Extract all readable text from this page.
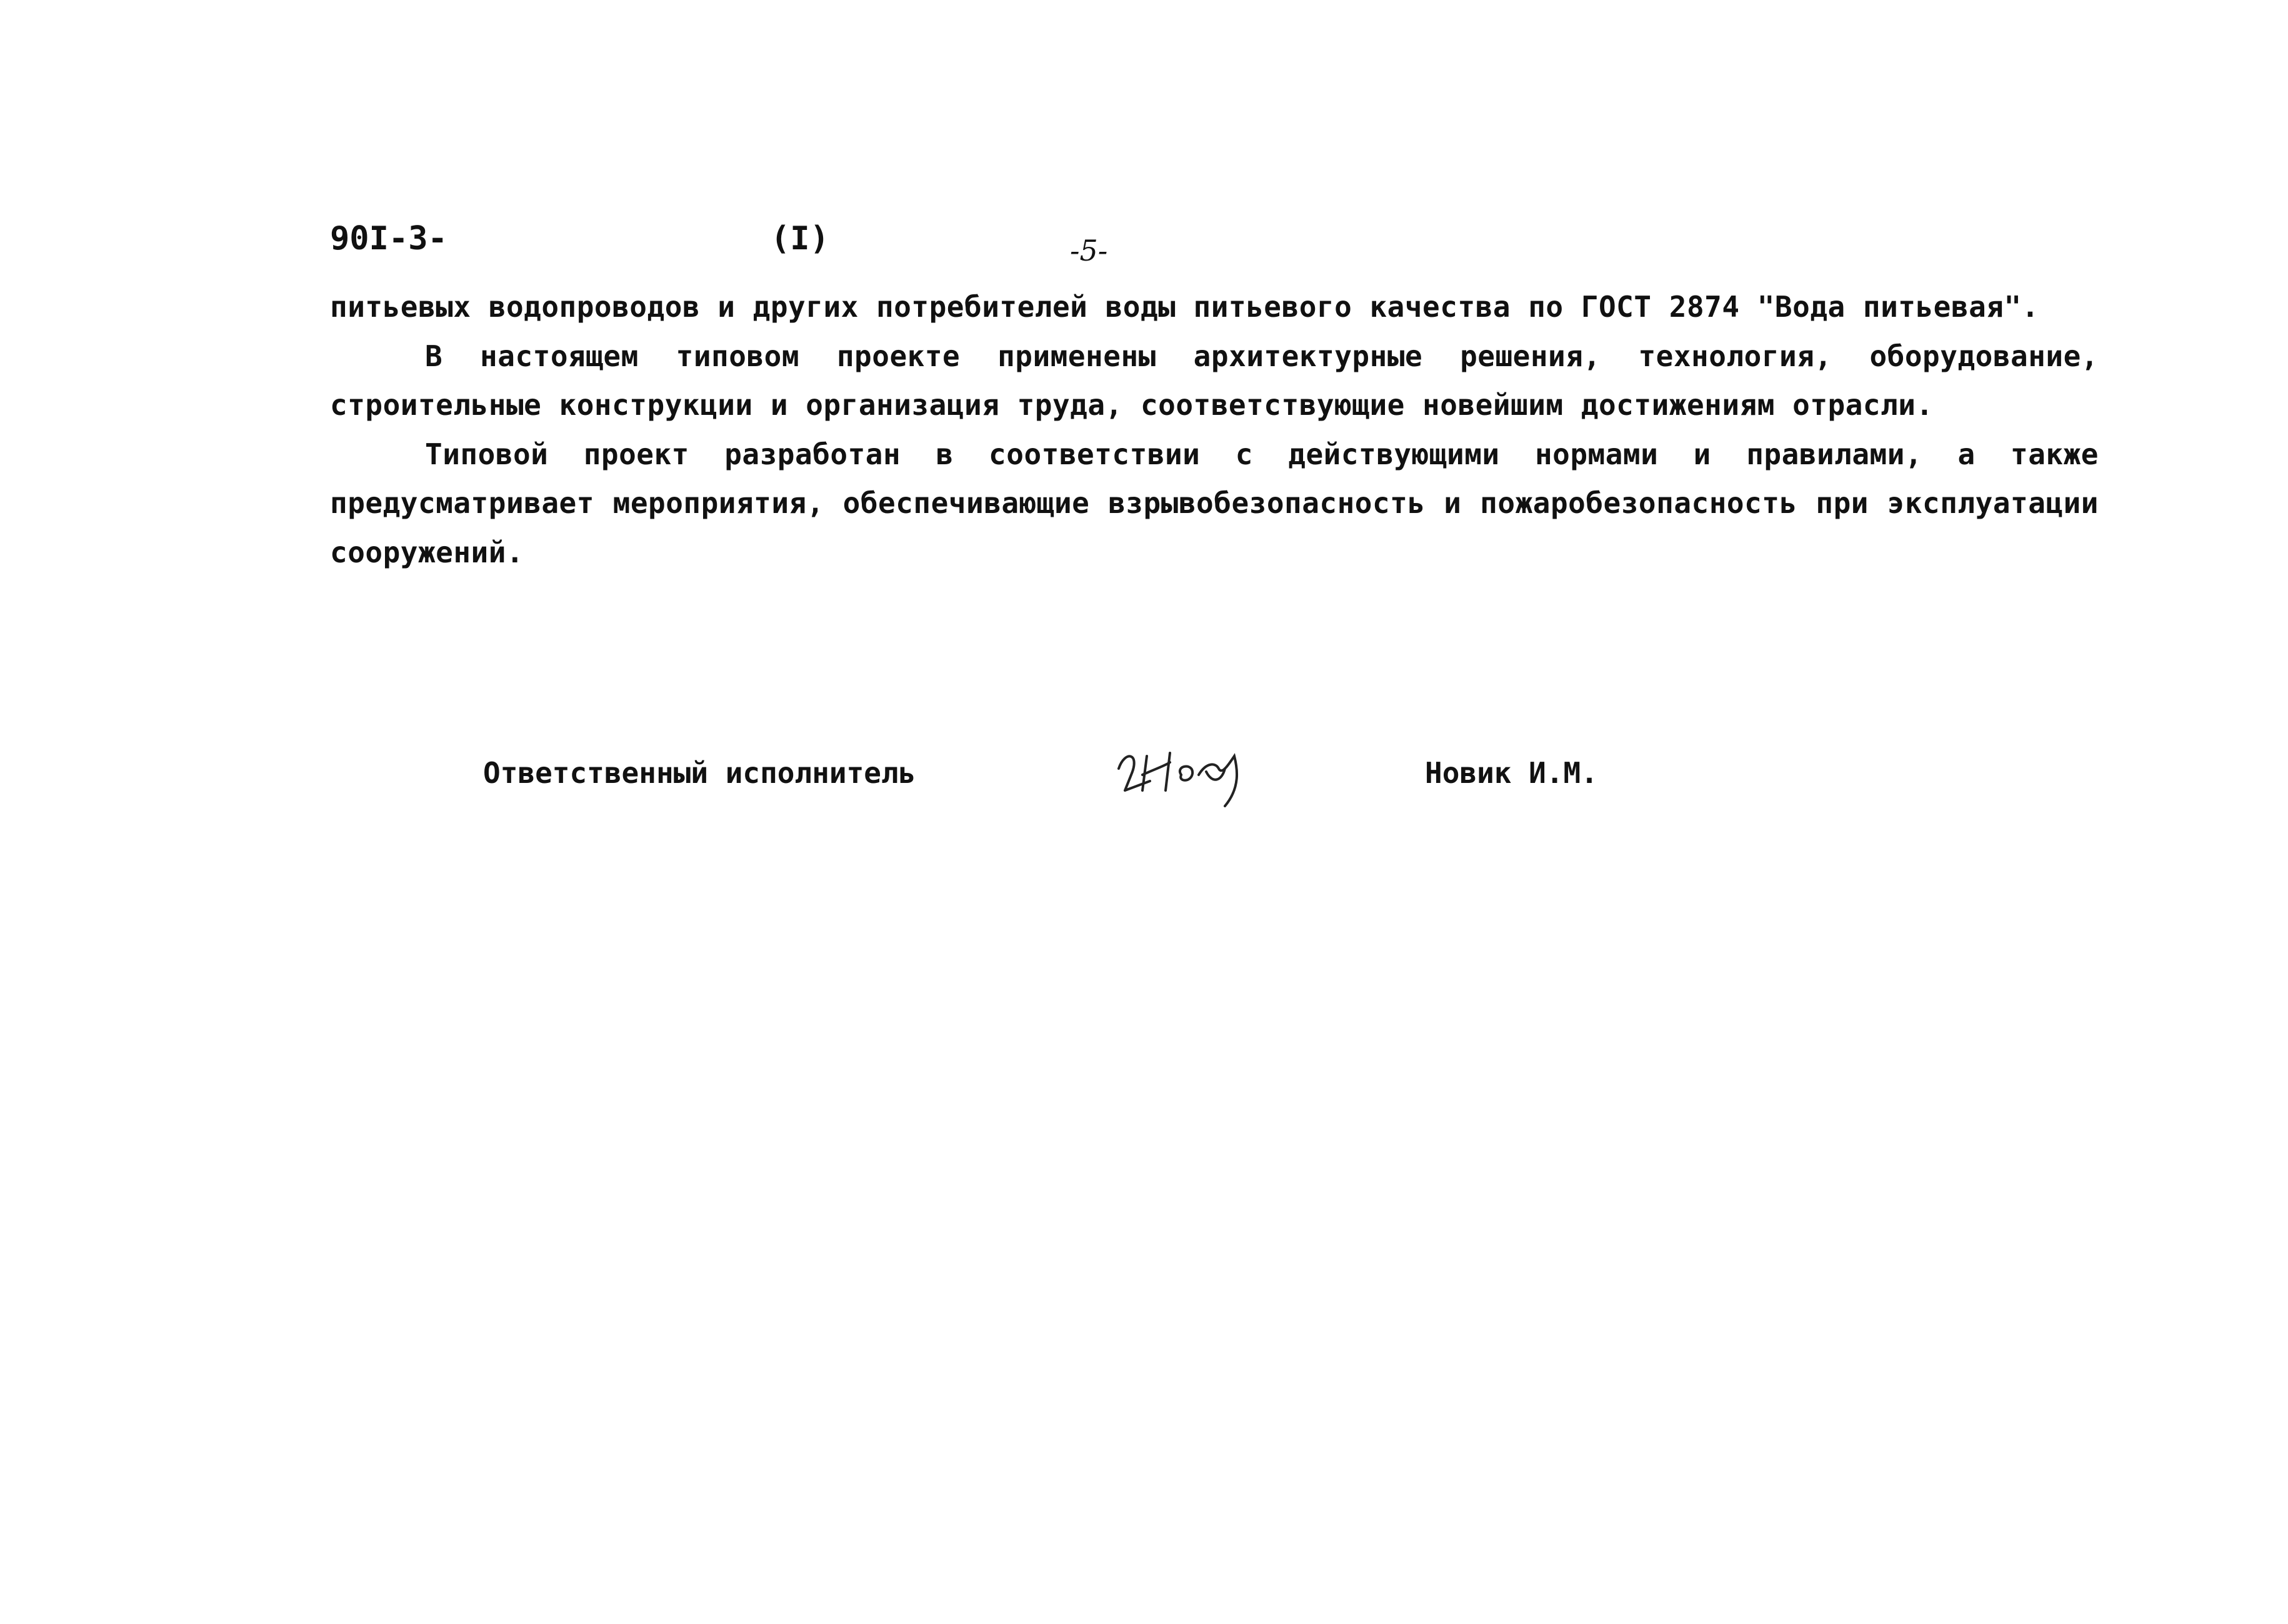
90I-3-	(I)	-5-

питьевых водопроводов и других потребителей воды питьевого качества по ГОСТ 2874 "Вода питьевая".

В настоящем типовом проекте применены архитектурные решения, технология, оборудование, строительные конструкции и организация труда, соответствующие новейшим достижениям отрасли.

Типовой проект разработан в соответствии с действующими нормами и правилами, а также предусматривает мероприятия, обеспечивающие взрывобезопасность и пожаробезопасность при эксплуатации сооружений.

Ответственный исполнитель	Новик И.М.
